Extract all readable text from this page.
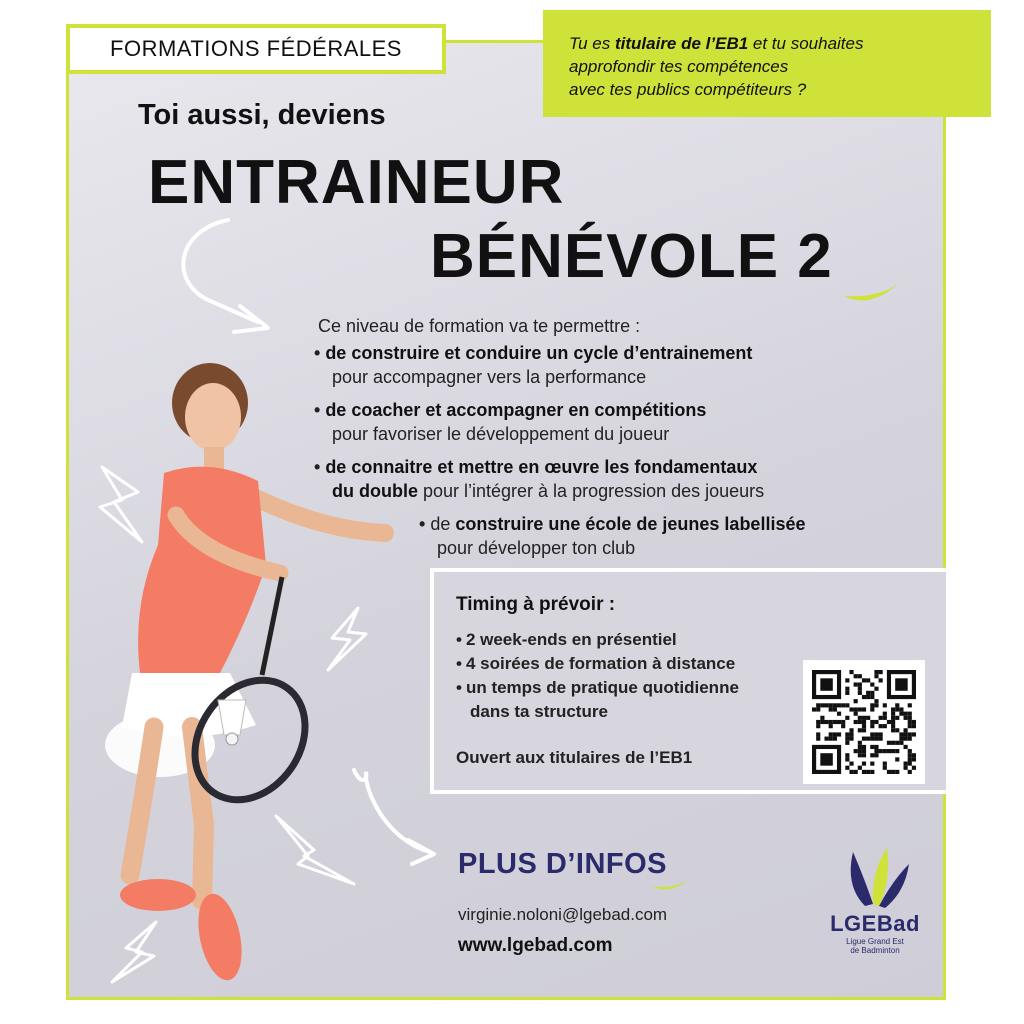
FORMATIONS FÉDÉRALES	Tu es titulaire de l’EB1 et tu souhaites
approfondir tes compétences
avec tes publics compétiteurs ?
Toi aussi, deviens
ENTRAINEUR
BÉNÉVOLE 2
Ce niveau de formation va te permettre :
• de construire et conduire un cycle d’entrainement
pour accompagner vers la performance
• de coacher et accompagner en compétitions
pour favoriser le développement du joueur
• de connaitre et mettre en œuvre les fondamentaux
du double pour l’intégrer à la progression des joueurs
• de construire une école de jeunes labellisée
pour développer ton club
Timing à prévoir :
• 2 week-ends en présentiel
• 4 soirées de formation à distance
• un temps de pratique quotidienne
dans ta structure
Ouvert aux titulaires de l’EB1
PLUS D’INFOS
virginie.noloni@lgebad.com
www.lgebad.com
LGEBad
Ligue Grand Est
de Badminton
